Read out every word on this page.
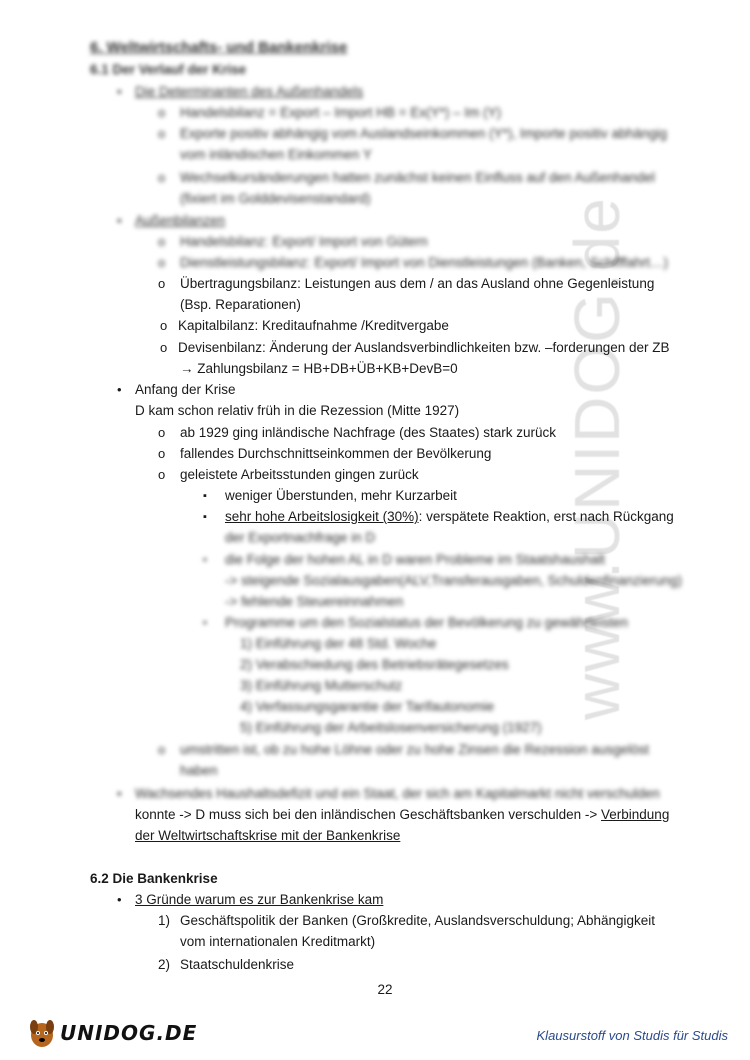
www.UNIDOG.de
6. Weltwirtschafts- und Bankenkrise
6.1 Der Verlauf der Krise
• Die Determinanten des Außenhandels
o Handelsbilanz = Export – Import HB = Ex(Y*) – Im (Y)
o Exporte positiv abhängig vom Auslandseinkommen (Y*), Importe positiv abhängig
vom inländischen Einkommen Y
o Wechselkursänderungen hatten zunächst keinen Einfluss auf den Außenhandel
(fixiert im Golddevisenstandard)
• Außenbilanzen
o Handelsbilanz: Export/ Import von Gütern
o Dienstleistungsbilanz: Export/ Import von Dienstleistungen (Banken, Schifffahrt…)
o Übertragungsbilanz: Leistungen aus dem / an das Ausland ohne Gegenleistung
(Bsp. Reparationen)
o Kapitalbilanz: Kreditaufnahme /Kreditvergabe
o Devisenbilanz: Änderung der Auslandsverbindlichkeiten bzw. –forderungen der ZB
→ Zahlungsbilanz = HB+DB+ÜB+KB+DevB=0
• Anfang der Krise
D kam schon relativ früh in die Rezession (Mitte 1927)
o ab 1929 ging inländische Nachfrage (des Staates) stark zurück
o fallendes Durchschnittseinkommen der Bevölkerung
o geleistete Arbeitsstunden gingen zurück
▪ weniger Überstunden, mehr Kurzarbeit
▪ sehr hohe Arbeitslosigkeit (30%): verspätete Reaktion, erst nach Rückgang
der Exportnachfrage in D
▪ die Folge der hohen AL in D waren Probleme im Staatshaushalt
-> steigende Sozialausgaben(ALV,Transferausgaben, Schuldenfinanzierung)
-> fehlende Steuereinnahmen
▪ Programme um den Sozialstatus der Bevölkerung zu gewährleisten
1) Einführung der 48 Std. Woche
2) Verabschiedung des Betriebsrätegesetzes
3) Einführung Mutterschutz
4) Verfassungsgarantie der Tarifautonomie
5) Einführung der Arbeitslosenversicherung (1927)
o umstritten ist, ob zu hohe Löhne oder zu hohe Zinsen die Rezession ausgelöst
haben
• Wachsendes Haushaltsdefizit und ein Staat, der sich am Kapitalmarkt nicht verschulden
konnte -> D muss sich bei den inländischen Geschäftsbanken verschulden -> Verbindung
der Weltwirtschaftskrise mit der Bankenkrise
6.2 Die Bankenkrise
• 3 Gründe warum es zur Bankenkrise kam
1) Geschäftspolitik der Banken (Großkredite, Auslandsverschuldung; Abhängigkeit
vom internationalen Kreditmarkt)
2) Staatschuldenkrise
22
UNIDOG.DE	Klausurstoff von Studis für Studis
